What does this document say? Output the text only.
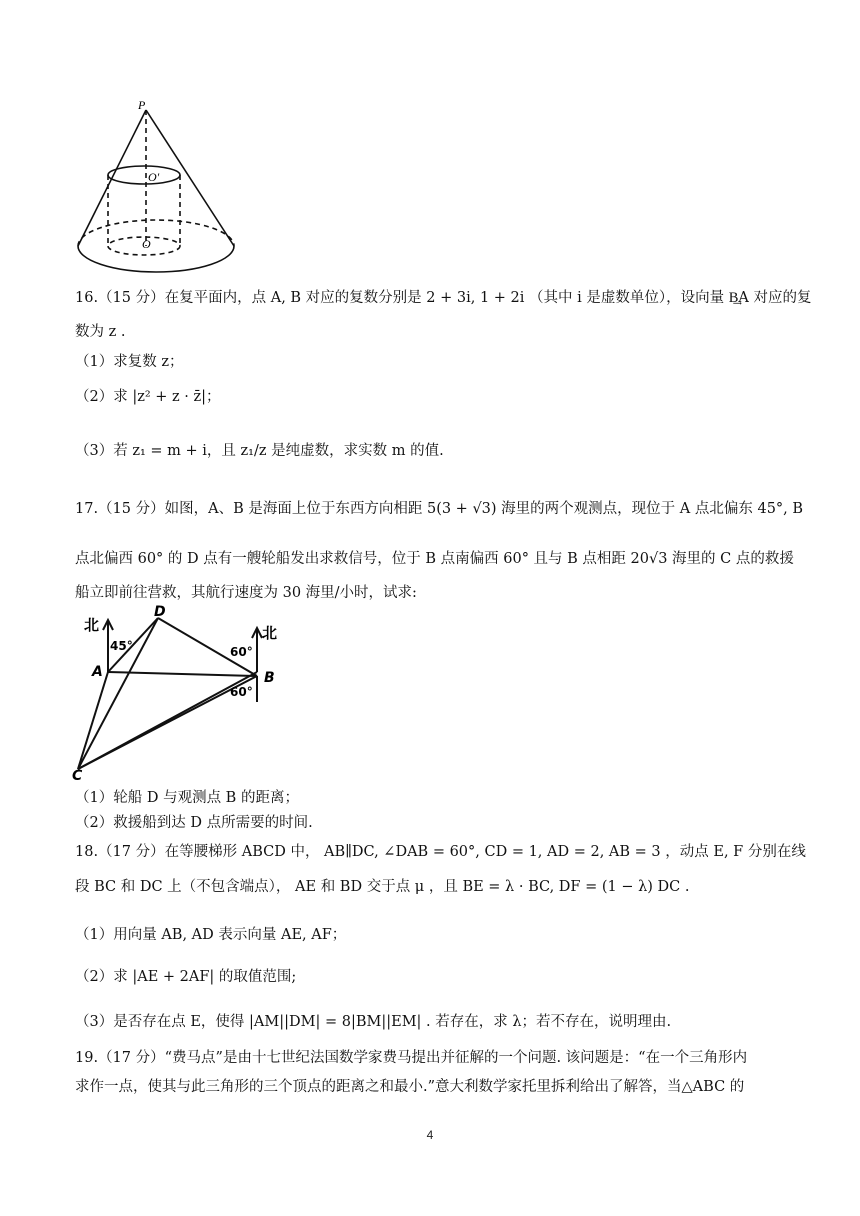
P
O'
O
16.（15 分）在复平面内，点 A, B 对应的复数分别是 2 + 3i, 1 + 2i （其中 i 是虚数单位），设向量 B͢A 对应的复
数为 z .
（1）求复数 z；
（2）求 |z² + z · z̄|；
（3）若 z₁ = m + i，且 z₁/z 是纯虚数，求实数 m 的值.
17.（15 分）如图，A、B 是海面上位于东西方向相距 5(3 + √3) 海里的两个观测点，现位于 A 点北偏东 45°, B
点北偏西 60° 的 D 点有一艘轮船发出求救信号，位于 B 点南偏西 60° 且与 B 点相距 20√3 海里的 C 点的救援
船立即前往营救，其航行速度为 30 海里/小时，试求:
北	北
45°	60°
60°
A	B
C
D
（1）轮船 D 与观测点 B 的距离；
（2）救援船到达 D 点所需要的时间.
18.（17 分）在等腰梯形 ABCD 中， AB∥DC, ∠DAB = 60°, CD = 1, AD = 2, AB = 3 ，动点 E, F 分别在线
段 BC 和 DC 上（不包含端点）， AE 和 BD 交于点 μ ，且 BE = λ · BC, DF = (1 − λ) DC .
（1）用向量 AB, AD 表示向量 AE, AF；
（2）求 |AE + 2AF| 的取值范围;
（3）是否存在点 E，使得 |AM||DM| = 8|BM||EM| . 若存在，求 λ；若不存在，说明理由.
19.（17 分）“费马点”是由十七世纪法国数学家费马提出并征解的一个问题. 该问题是：“在一个三角形内
求作一点，使其与此三角形的三个顶点的距离之和最小.”意大利数学家托里拆利给出了解答，当△ABC 的
4
